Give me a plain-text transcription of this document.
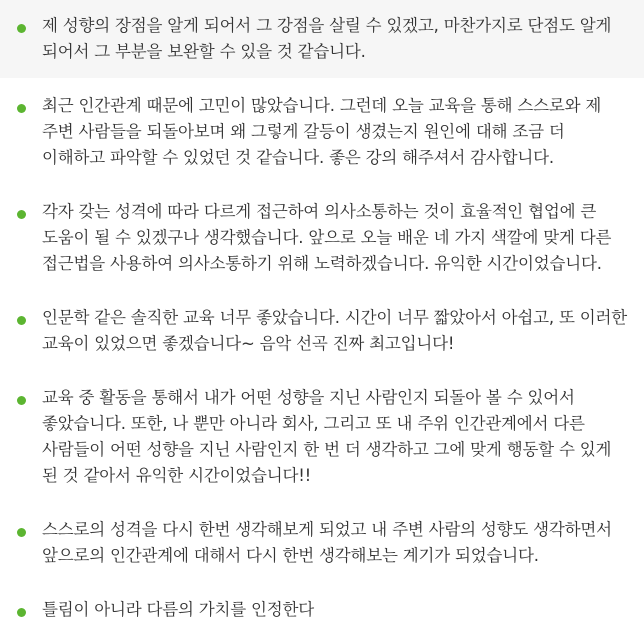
제 성향의 장점을 알게 되어서 그 강점을 살릴 수 있겠고, 마찬가지로 단점도 알게 되어서 그 부분을 보완할 수 있을 것 같습니다.
최근 인간관계 때문에 고민이 많았습니다. 그런데 오늘 교육을 통해 스스로와 제 주변 사람들을 되돌아보며 왜 그렇게 갈등이 생겼는지 원인에 대해 조금 더 이해하고 파악할 수 있었던 것 같습니다. 좋은 강의 해주셔서 감사합니다.
각자 갖는 성격에 따라 다르게 접근하여 의사소통하는 것이 효율적인 협업에 큰 도움이 될 수 있겠구나 생각했습니다. 앞으로 오늘 배운 네 가지 색깔에 맞게 다른 접근법을 사용하여 의사소통하기 위해 노력하겠습니다. 유익한 시간이었습니다.
인문학 같은 솔직한 교육 너무 좋았습니다. 시간이 너무 짧았아서 아쉽고, 또 이러한 교육이 있었으면 좋겠습니다~ 음악 선곡 진짜 최고입니다!
교육 중 활동을 통해서 내가 어떤 성향을 지닌 사람인지 되돌아 볼 수 있어서 좋았습니다. 또한, 나 뿐만 아니라 회사, 그리고 또 내 주위 인간관계에서 다른 사람들이 어떤 성향을 지닌 사람인지 한 번 더 생각하고 그에 맞게 행동할 수 있게 된 것 같아서 유익한 시간이었습니다!!
스스로의 성격을 다시 한번 생각해보게 되었고 내 주변 사람의 성향도 생각하면서 앞으로의 인간관계에 대해서 다시 한번 생각해보는 계기가 되었습니다.
틀림이 아니라 다름의 가치를 인정한다
